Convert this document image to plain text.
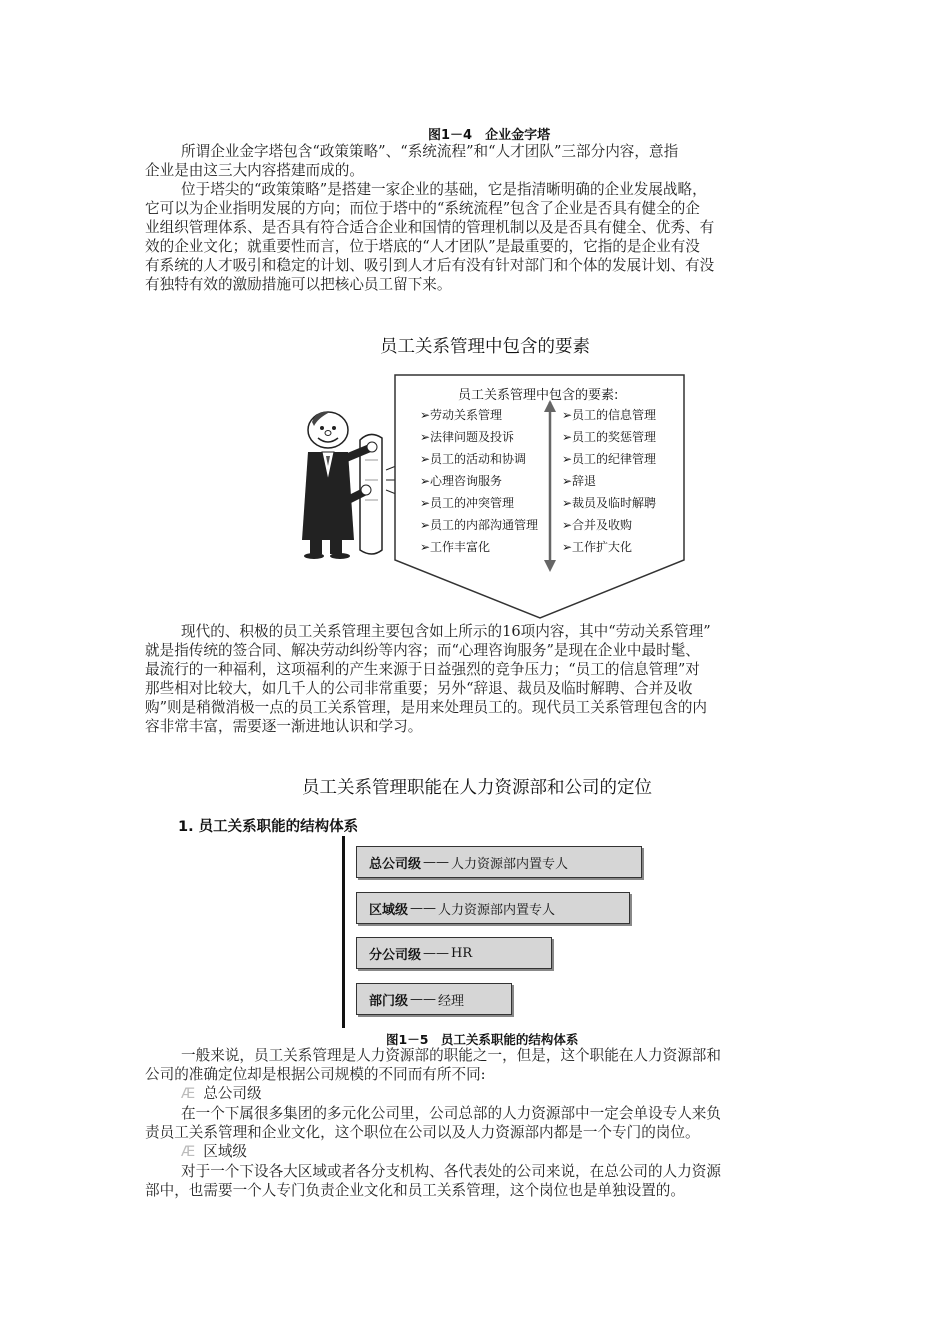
图1－4　企业金字塔
所谓企业金字塔包含“政策策略”、“系统流程”和“人才团队”三部分内容，意指
企业是由这三大内容搭建而成的。
位于塔尖的“政策策略”是搭建一家企业的基础，它是指清晰明确的企业发展战略，
它可以为企业指明发展的方向；而位于塔中的“系统流程”包含了企业是否具有健全的企
业组织管理体系、是否具有符合适合企业和国情的管理机制以及是否具有健全、优秀、有
效的企业文化；就重要性而言，位于塔底的“人才团队”是最重要的，它指的是企业有没
有系统的人才吸引和稳定的计划、吸引到人才后有没有针对部门和个体的发展计划、有没
有独特有效的激励措施可以把核心员工留下来。
员工关系管理中包含的要素
员工关系管理中包含的要素:
➢劳动关系管理
➢法律问题及投诉
➢员工的活动和协调
➢心理咨询服务
➢员工的冲突管理
➢员工的内部沟通管理
➢工作丰富化
➢员工的信息管理
➢员工的奖惩管理
➢员工的纪律管理
➢辞退
➢裁员及临时解聘
➢合并及收购
➢工作扩大化
现代的、积极的员工关系管理主要包含如上所示的16项内容，其中“劳动关系管理”
就是指传统的签合同、解决劳动纠纷等内容；而“心理咨询服务”是现在企业中最时髦、
最流行的一种福利，这项福利的产生来源于日益强烈的竞争压力；“员工的信息管理”对
那些相对比较大，如几千人的公司非常重要；另外“辞退、裁员及临时解聘、合并及收
购”则是稍微消极一点的员工关系管理，是用来处理员工的。现代员工关系管理包含的内
容非常丰富，需要逐一渐进地认识和学习。
员工关系管理职能在人力资源部和公司的定位
1. 员工关系职能的结构体系
总公司级 —— 人力资源部内置专人
区域级 —— 人力资源部内置专人
分公司级 —— HR
部门级 —— 经理
图1－5　员工关系职能的结构体系
一般来说，员工关系管理是人力资源部的职能之一，但是，这个职能在人力资源部和
公司的准确定位却是根据公司规模的不同而有所不同:
Æ 总公司级
在一个下属很多集团的多元化公司里，公司总部的人力资源部中一定会单设专人来负
责员工关系管理和企业文化，这个职位在公司以及人力资源部内都是一个专门的岗位。
Æ 区域级
对于一个下设各大区域或者各分支机构、各代表处的公司来说，在总公司的人力资源
部中，也需要一个人专门负责企业文化和员工关系管理，这个岗位也是单独设置的。
